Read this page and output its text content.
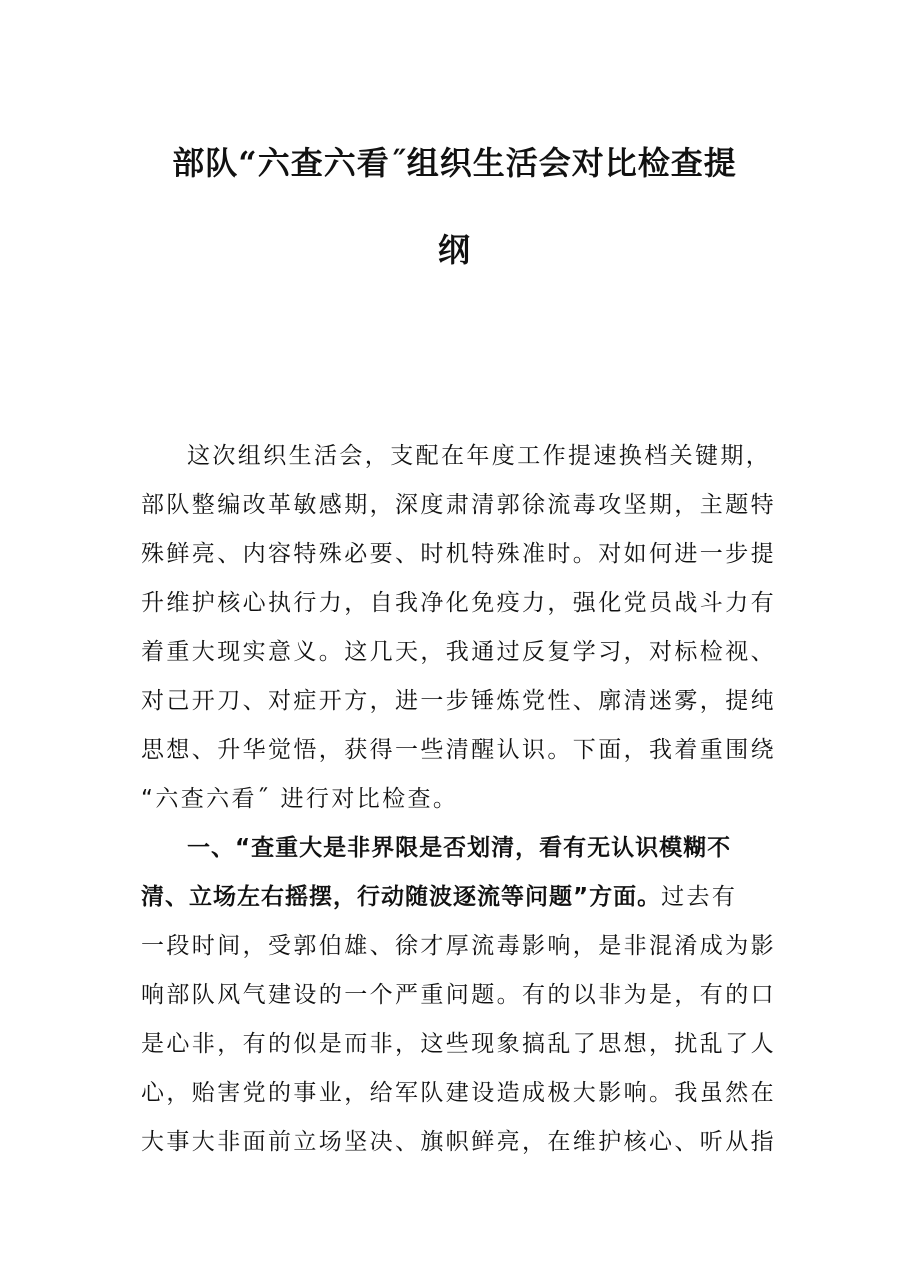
部队“六查六看˝组织生活会对比检查提
纲
这次组织生活会，支配在年度工作提速换档关键期，
部队整编改革敏感期，深度肃清郭徐流毒攻坚期，主题特
殊鲜亮、内容特殊必要、时机特殊准时。对如何进一步提
升维护核心执行力，自我净化免疫力，强化党员战斗力有
着重大现实意义。这几天，我通过反复学习，对标检视、
对己开刀、对症开方，进一步锤炼党性、廓清迷雾，提纯
思想、升华觉悟，获得一些清醒认识。下面，我着重围绕
“六查六看˝ 进行对比检查。
一、“查重大是非界限是否划清，看有无认识模糊不
清、立场左右摇摆，行动随波逐流等问题”方面。过去有
一段时间，受郭伯雄、徐才厚流毒影响，是非混淆成为影
响部队风气建设的一个严重问题。有的以非为是，有的口
是心非，有的似是而非，这些现象搞乱了思想，扰乱了人
心，贻害党的事业，给军队建设造成极大影响。我虽然在
大事大非面前立场坚决、旗帜鲜亮，在维护核心、听从指
